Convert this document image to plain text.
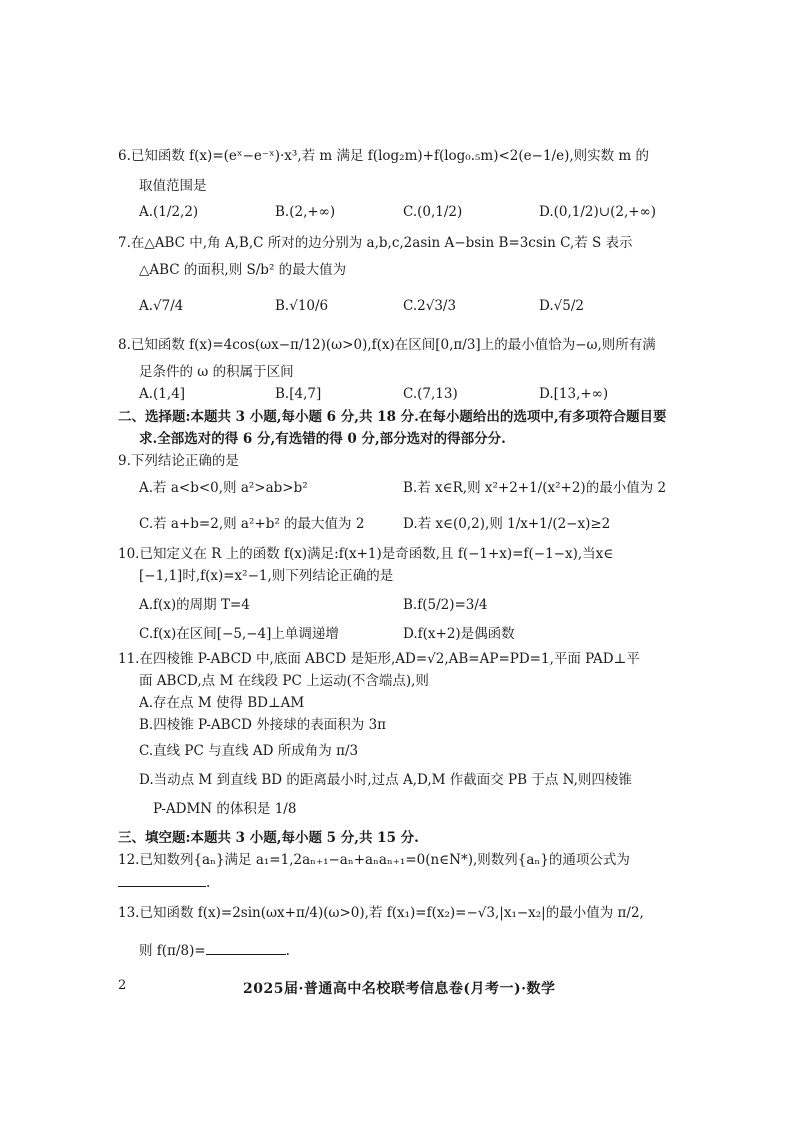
6.已知函数 f(x)=(eˣ−e⁻ˣ)·x³,若 m 满足 f(log₂m)+f(log₀.₅m)<2(e−1/e),则实数 m 的
取值范围是
A.(1/2,2)	B.(2,+∞)	C.(0,1/2)	D.(0,1/2)∪(2,+∞)
7.在△ABC 中,角 A,B,C 所对的边分别为 a,b,c,2asin A−bsin B=3csin C,若 S 表示
△ABC 的面积,则 S/b² 的最大值为
A.√7/4	B.√10/6	C.2√3/3	D.√5/2
8.已知函数 f(x)=4cos(ωx−π/12)(ω>0),f(x)在区间[0,π/3]上的最小值恰为−ω,则所有满
足条件的 ω 的积属于区间
A.(1,4]	B.[4,7]	C.(7,13)	D.[13,+∞)
二、选择题:本题共 3 小题,每小题 6 分,共 18 分.在每小题给出的选项中,有多项符合题目要
求.全部选对的得 6 分,有选错的得 0 分,部分选对的得部分分.
9.下列结论正确的是
A.若 a<b<0,则 a²>ab>b²	B.若 x∈R,则 x²+2+1/(x²+2)的最小值为 2
C.若 a+b=2,则 a²+b² 的最大值为 2	D.若 x∈(0,2),则 1/x+1/(2−x)≥2
10.已知定义在 R 上的函数 f(x)满足:f(x+1)是奇函数,且 f(−1+x)=f(−1−x),当x∈
[−1,1]时,f(x)=x²−1,则下列结论正确的是
A.f(x)的周期 T=4	B.f(5/2)=3/4
C.f(x)在区间[−5,−4]上单调递增	D.f(x+2)是偶函数
11.在四棱锥 P-ABCD 中,底面 ABCD 是矩形,AD=√2,AB=AP=PD=1,平面 PAD⊥平
面 ABCD,点 M 在线段 PC 上运动(不含端点),则
A.存在点 M 使得 BD⊥AM
B.四棱锥 P-ABCD 外接球的表面积为 3π
C.直线 PC 与直线 AD 所成角为 π/3
D.当动点 M 到直线 BD 的距离最小时,过点 A,D,M 作截面交 PB 于点 N,则四棱锥
P-ADMN 的体积是 1/8
三、填空题:本题共 3 小题,每小题 5 分,共 15 分.
12.已知数列{aₙ}满足 a₁=1,2aₙ₊₁−aₙ+aₙaₙ₊₁=0(n∈N*),则数列{aₙ}的通项公式为
.
13.已知函数 f(x)=2sin(ωx+π/4)(ω>0),若 f(x₁)=f(x₂)=−√3,|x₁−x₂|的最小值为 π/2,
则 f(π/8)=	.
2	2025届·普通高中名校联考信息卷(月考一)·数学
